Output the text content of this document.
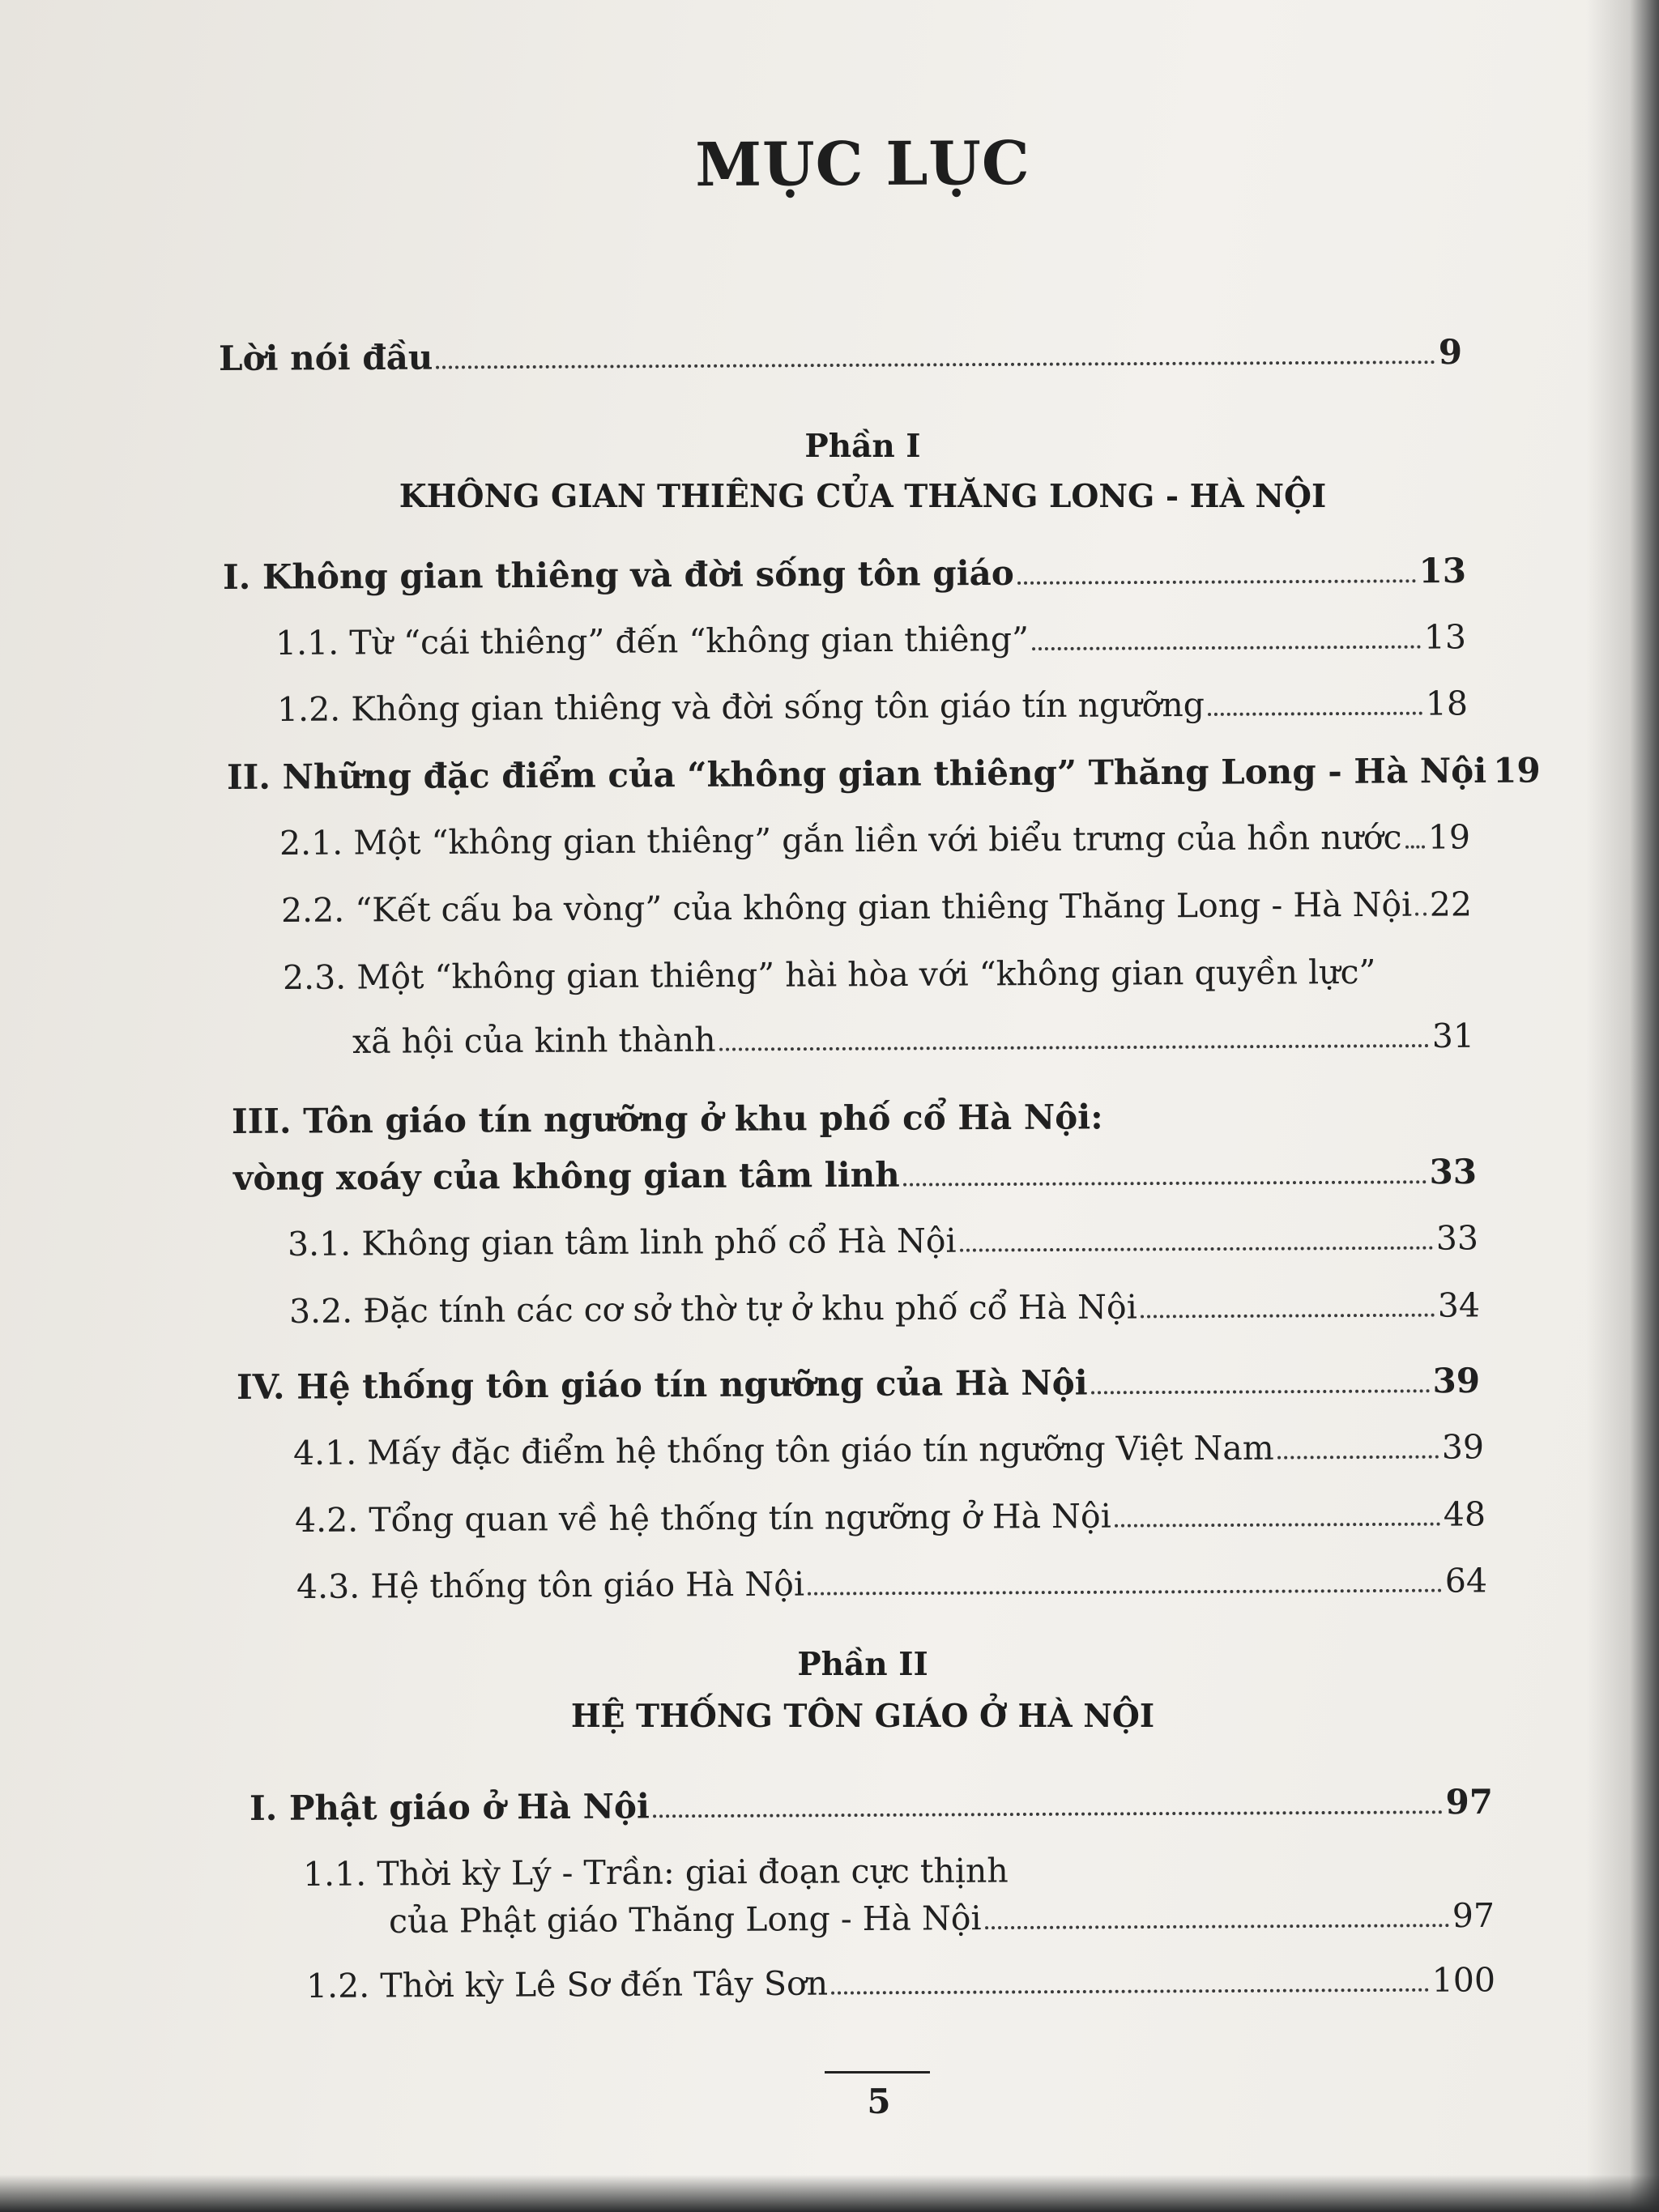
MỤC LỤC
Lời nói đầu	9
Phần I
KHÔNG GIAN THIÊNG CỦA THĂNG LONG - HÀ NỘI
I. Không gian thiêng và đời sống tôn giáo	13
1.1. Từ “cái thiêng” đến “không gian thiêng”	13
1.2. Không gian thiêng và đời sống tôn giáo tín ngưỡng	18
II. Những đặc điểm của “không gian thiêng” Thăng Long - Hà Nội 19
2.1. Một “không gian thiêng” gắn liền với biểu trưng của hồn nước 19
2.2. “Kết cấu ba vòng” của không gian thiêng Thăng Long - Hà Nội 22
2.3. Một “không gian thiêng” hài hòa với “không gian quyền lực”
xã hội của kinh thành	31
III. Tôn giáo tín ngưỡng ở khu phố cổ Hà Nội:
vòng xoáy của không gian tâm linh	33
3.1. Không gian tâm linh phố cổ Hà Nội	33
3.2. Đặc tính các cơ sở thờ tự ở khu phố cổ Hà Nội	34
IV. Hệ thống tôn giáo tín ngưỡng của Hà Nội	39
4.1. Mấy đặc điểm hệ thống tôn giáo tín ngưỡng Việt Nam	39
4.2. Tổng quan về hệ thống tín ngưỡng ở Hà Nội	48
4.3. Hệ thống tôn giáo Hà Nội	64
Phần II
HỆ THỐNG TÔN GIÁO Ở HÀ NỘI
I. Phật giáo ở Hà Nội	97
1.1. Thời kỳ Lý - Trần: giai đoạn cực thịnh
của Phật giáo Thăng Long - Hà Nội	97
1.2. Thời kỳ Lê Sơ đến Tây Sơn	100
5
